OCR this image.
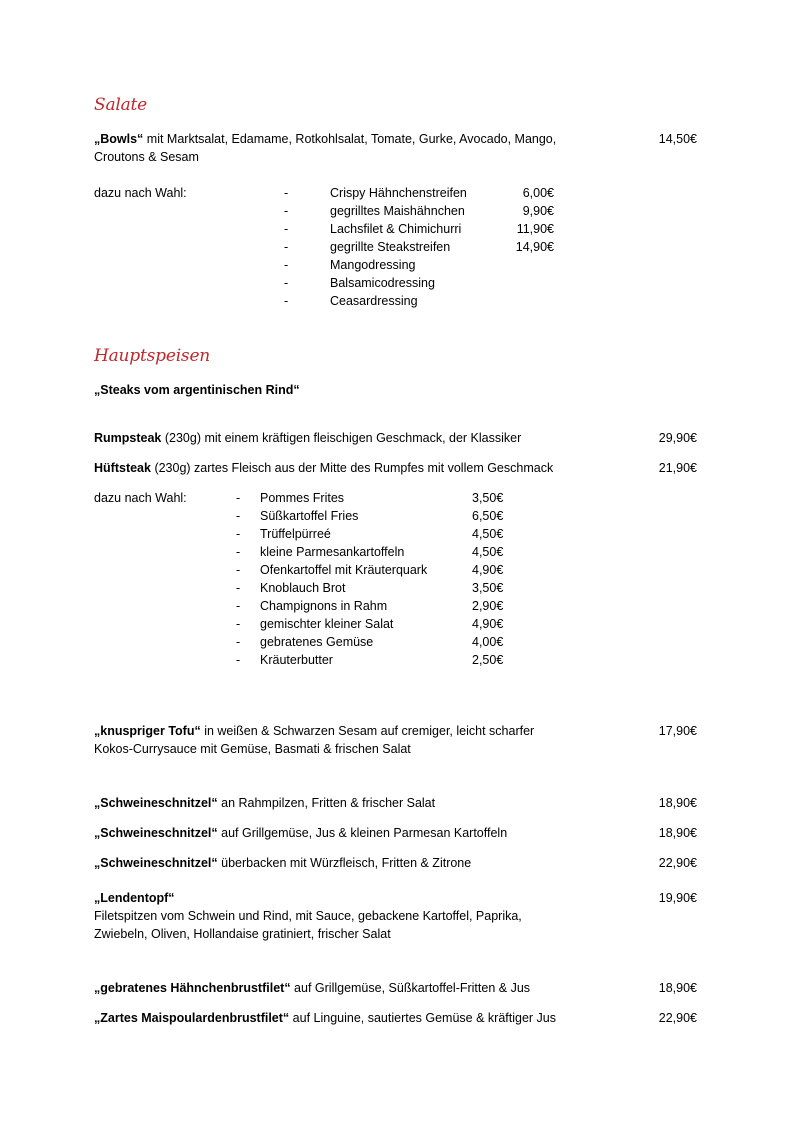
Salate
„Bowls“ mit Marktsalat, Edamame, Rotkohlsalat, Tomate, Gurke, Avocado, Mango,
Croutons & Sesam
14,50€
dazu nach Wahl:	-	Crispy Hähnchenstreifen	6,00€
-	gegrilltes Maishähnchen	9,90€
-	Lachsfilet & Chimichurri	11,90€
-	gegrillte Steakstreifen	14,90€
-	Mangodressing
-	Balsamicodressing
-	Ceasardressing
Hauptspeisen
„Steaks vom argentinischen Rind“
Rumpsteak (230g) mit einem kräftigen fleischigen Geschmack, der Klassiker	29,90€
Hüftsteak (230g) zartes Fleisch aus der Mitte des Rumpfes mit vollem Geschmack	21,90€
dazu nach Wahl:	- Pommes Frites	3,50€
- Süßkartoffel Fries	6,50€
- Trüffelpürreé	4,50€
- kleine Parmesankartoffeln	4,50€
- Ofenkartoffel mit Kräuterquark	4,90€
- Knoblauch Brot	3,50€
- Champignons in Rahm	2,90€
- gemischter kleiner Salat	4,90€
- gebratenes Gemüse	4,00€
- Kräuterbutter	2,50€
„knuspriger Tofu“ in weißen & Schwarzen Sesam auf cremiger, leicht scharfer
Kokos-Currysauce mit Gemüse, Basmati & frischen Salat
17,90€
„Schweineschnitzel“ an Rahmpilzen, Fritten & frischer Salat	18,90€
„Schweineschnitzel“ auf Grillgemüse, Jus & kleinen Parmesan Kartoffeln	18,90€
„Schweineschnitzel“ überbacken mit Würzfleisch, Fritten & Zitrone	22,90€
„Lendentopf“	19,90€
Filetspitzen vom Schwein und Rind, mit Sauce, gebackene Kartoffel, Paprika,
Zwiebeln, Oliven, Hollandaise gratiniert, frischer Salat
„gebratenes Hähnchenbrustfilet“ auf Grillgemüse, Süßkartoffel-Fritten & Jus	18,90€
„Zartes Maispoulardenbrustfilet“ auf Linguine, sautiertes Gemüse & kräftiger Jus	22,90€
